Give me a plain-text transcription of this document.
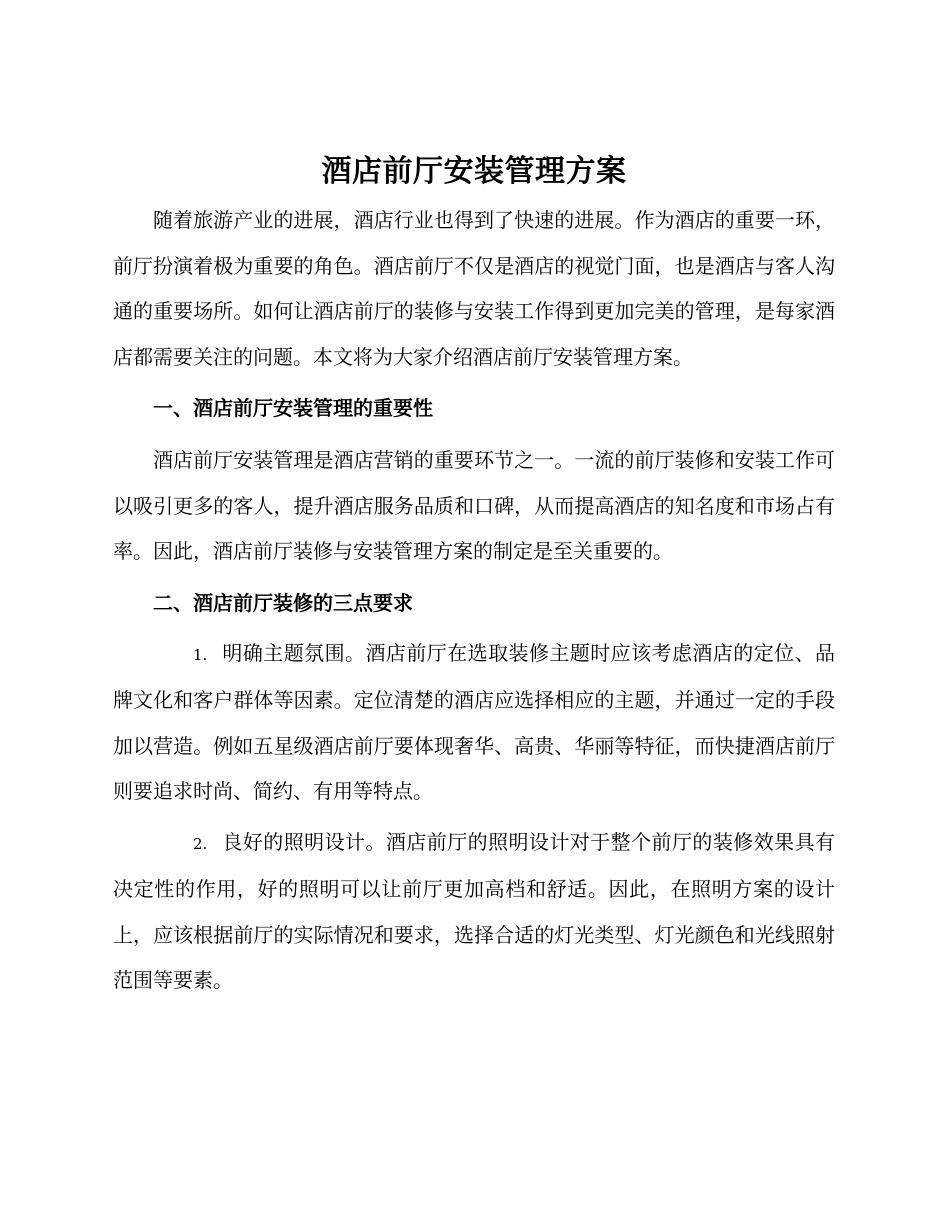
酒店前厅安装管理方案

随着旅游产业的进展，酒店行业也得到了快速的进展。作为酒店的重要一环，前厅扮演着极为重要的角色。酒店前厅不仅是酒店的视觉门面，也是酒店与客人沟通的重要场所。如何让酒店前厅的装修与安装工作得到更加完美的管理，是每家酒店都需要关注的问题。本文将为大家介绍酒店前厅安装管理方案。

一、酒店前厅安装管理的重要性

酒店前厅安装管理是酒店营销的重要环节之一。一流的前厅装修和安装工作可以吸引更多的客人，提升酒店服务品质和口碑，从而提高酒店的知名度和市场占有率。因此，酒店前厅装修与安装管理方案的制定是至关重要的。

二、酒店前厅装修的三点要求

1. 明确主题氛围。酒店前厅在选取装修主题时应该考虑酒店的定位、品牌文化和客户群体等因素。定位清楚的酒店应选择相应的主题，并通过一定的手段加以营造。例如五星级酒店前厅要体现奢华、高贵、华丽等特征，而快捷酒店前厅则要追求时尚、简约、有用等特点。

2. 良好的照明设计。酒店前厅的照明设计对于整个前厅的装修效果具有决定性的作用，好的照明可以让前厅更加高档和舒适。因此，在照明方案的设计上，应该根据前厅的实际情况和要求，选择合适的灯光类型、灯光颜色和光线照射范围等要素。
